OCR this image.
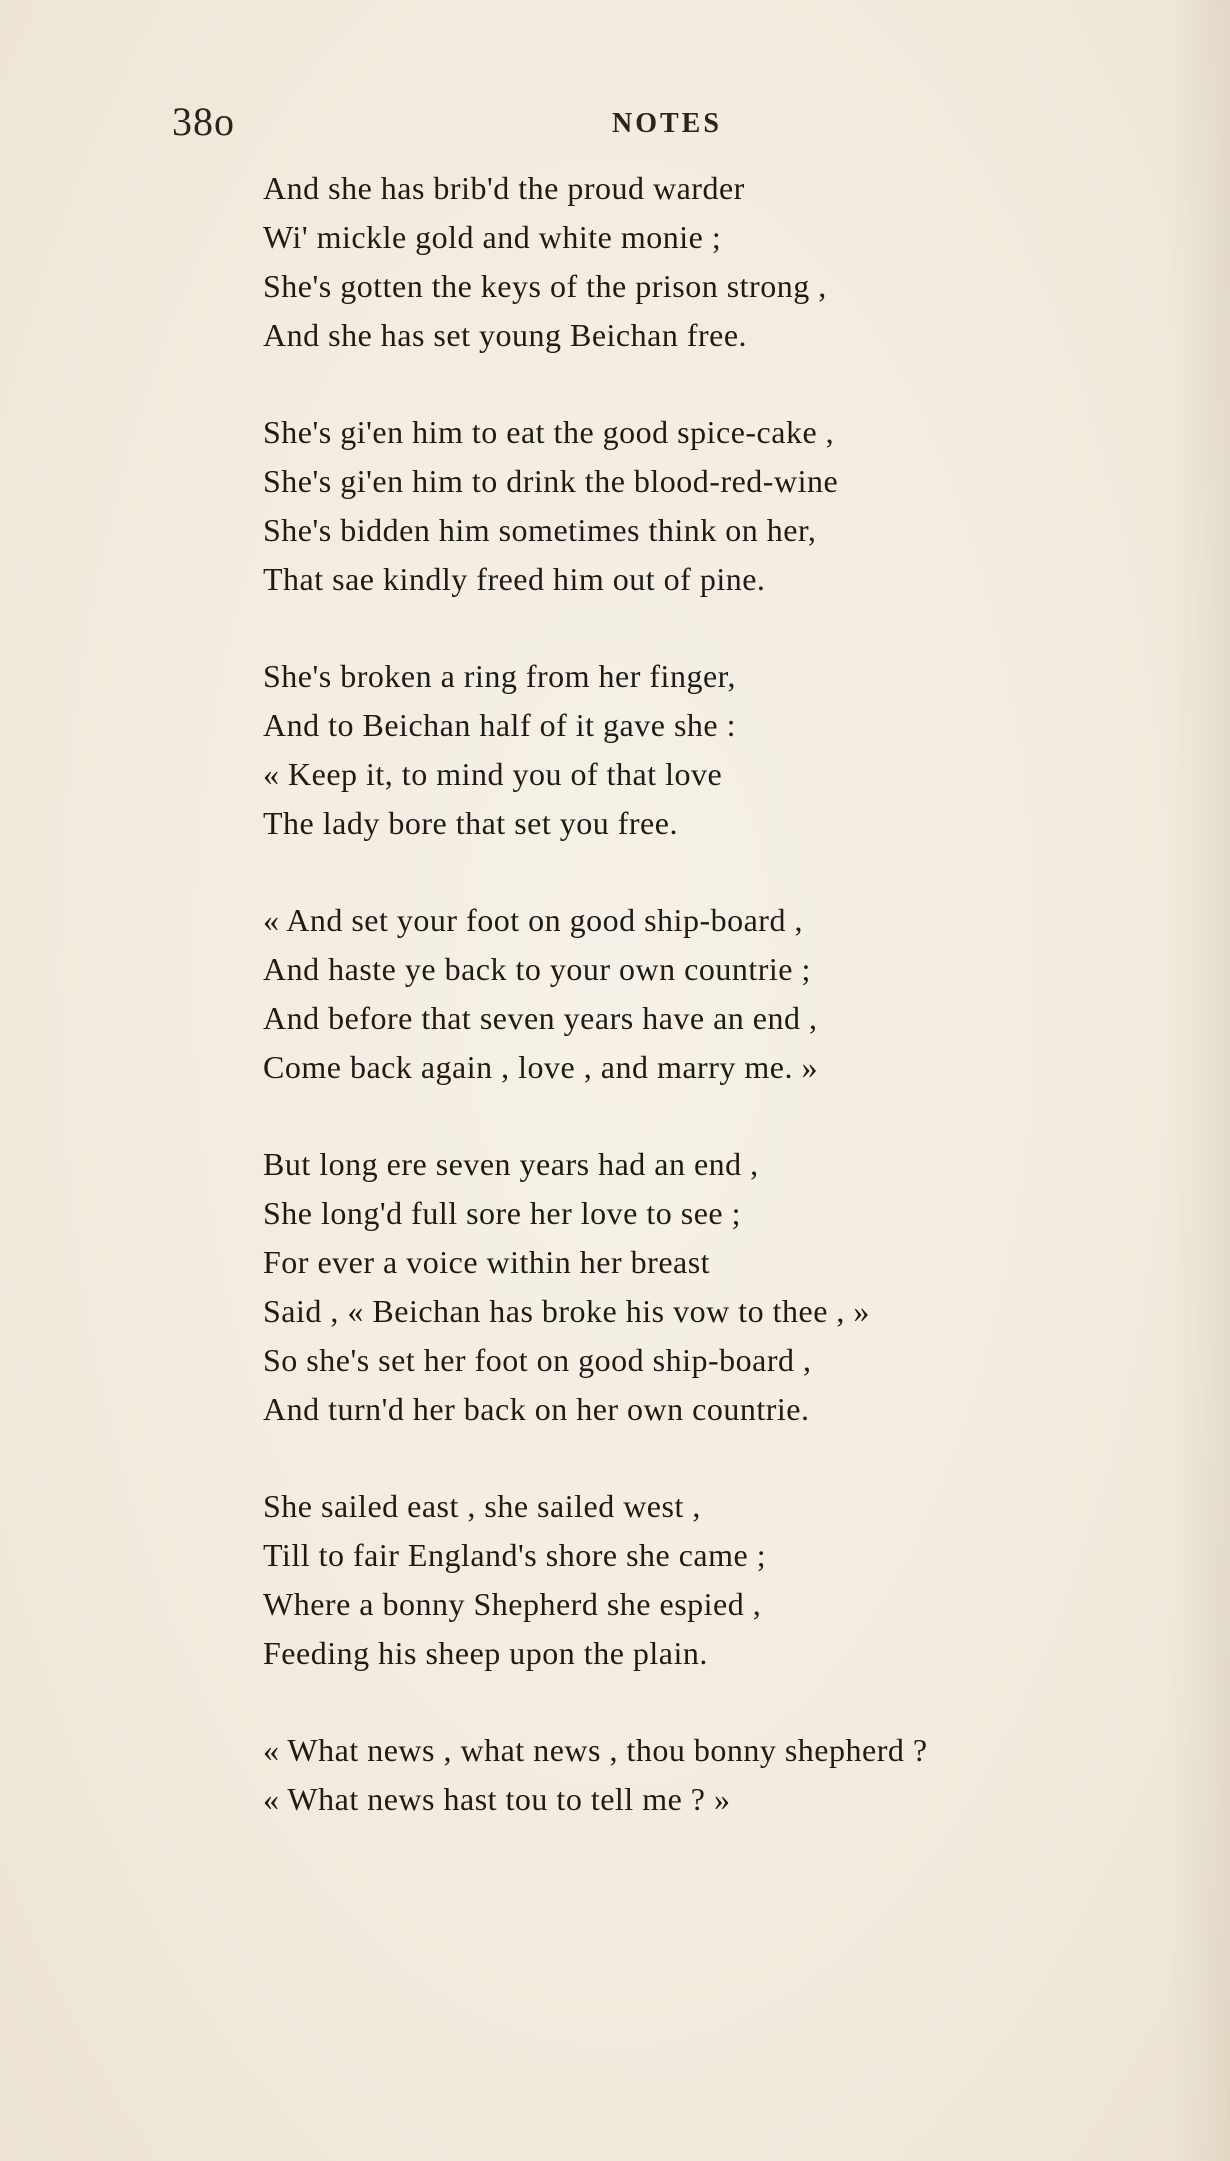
38o	NOTES
And she has brib'd the proud warder
Wi' mickle gold and white monie ;
She's gotten the keys of the prison strong ,
And she has set young Beichan free.
She's gi'en him to eat the good spice-cake ,
She's gi'en him to drink the blood-red-wine
She's bidden him sometimes think on her,
That sae kindly freed him out of pine.
She's broken a ring from her finger,
And to Beichan half of it gave she :
« Keep it, to mind you of that love
The lady bore that set you free.
« And set your foot on good ship-board ,
And haste ye back to your own countrie ;
And before that seven years have an end ,
Come back again , love , and marry me. »
But long ere seven years had an end ,
She long'd full sore her love to see ;
For ever a voice within her breast
Said , « Beichan has broke his vow to thee , »
So she's set her foot on good ship-board ,
And turn'd her back on her own countrie.
She sailed east , she sailed west ,
Till to fair England's shore she came ;
Where a bonny Shepherd she espied ,
Feeding his sheep upon the plain.
« What news , what news , thou bonny shepherd ?
« What news hast tou to tell me ? »
